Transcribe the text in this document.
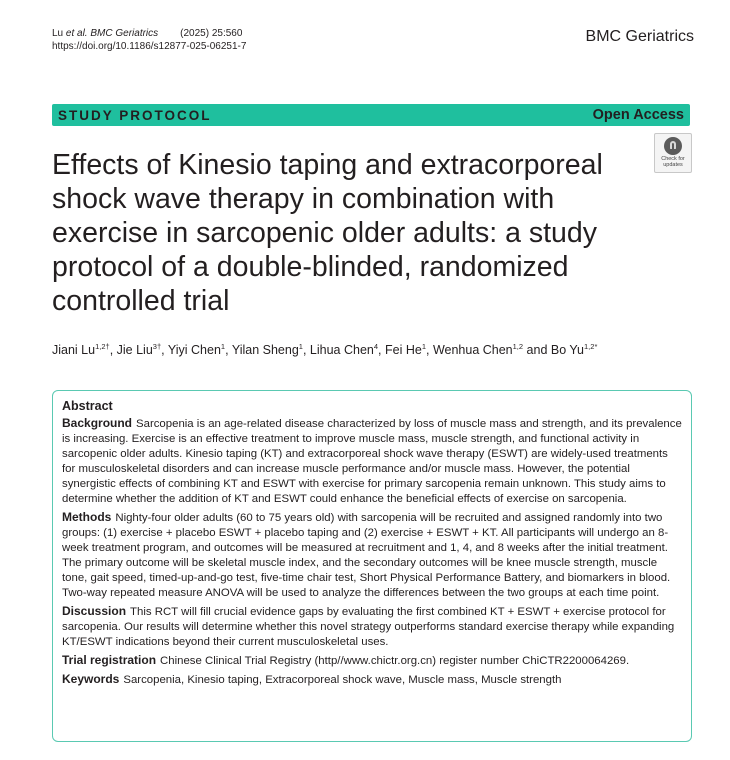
Lu et al. BMC Geriatrics (2025) 25:560
https://doi.org/10.1186/s12877-025-06251-7
BMC Geriatrics
STUDY PROTOCOL	Open Access
Effects of Kinesio taping and extracorporeal shock wave therapy in combination with exercise in sarcopenic older adults: a study protocol of a double-blinded, randomized controlled trial
Check for
updates
Jiani $Lu^{1,2\dagger}$, Jie Liu$^{3\dagger}$, Yiyi Chen$^1$, Yilan Sheng$^1$, Lihua Chen$^4$, Fei He$^1$, Wenhua Chen$^{1,2}$ and Bo $Yu^{1,2*}$
Abstract

Background Sarcopenia is an age-related disease characterized by loss of muscle mass and strength, and its prevalence is increasing. Exercise is an effective treatment to improve muscle mass, muscle strength, and functional activity in sarcopenic older adults. Kinesio taping (KT) and extracorporeal shock wave therapy (ESWT) are widely-used treatments for musculoskeletal disorders and can increase muscle performance and/or muscle mass. However, the potential synergistic effects of combining KT and ESWT with exercise for primary sarcopenia remain unknown. This study aims to determine whether the addition of KT and ESWT could enhance the beneficial effects of exercise on sarcopenia.

Methods Nighty-four older adults (60 to 75 years old) with sarcopenia will be recruited and assigned randomly into two groups: (1) exercise + placebo ESWT + placebo taping and (2) exercise + ESWT + KT. All participants will undergo an 8-week treatment program, and outcomes will be measured at recruitment and 1, 4, and 8 weeks after the initial treatment. The primary outcome will be skeletal muscle index, and the secondary outcomes will be knee muscle strength, muscle tone, gait speed, timed-up-and-go test, five-time chair test, Short Physical Performance Battery, and biomarkers in blood. Two-way repeated measure ANOVA will be used to analyze the differences between the two groups at each time point.

Discussion This RCT will fill crucial evidence gaps by evaluating the first combined KT + ESWT + exercise protocol for sarcopenia. Our results will determine whether this novel strategy outperforms standard exercise therapy while expanding KT/ESWT indications beyond their current musculoskeletal uses.

Trial registration Chinese Clinical Trial Registry (http//www.chictr.org.cn) register number ChiCTR2200064269.

Keywords Sarcopenia, Kinesio taping, Extracorporeal shock wave, Muscle mass, Muscle strength
